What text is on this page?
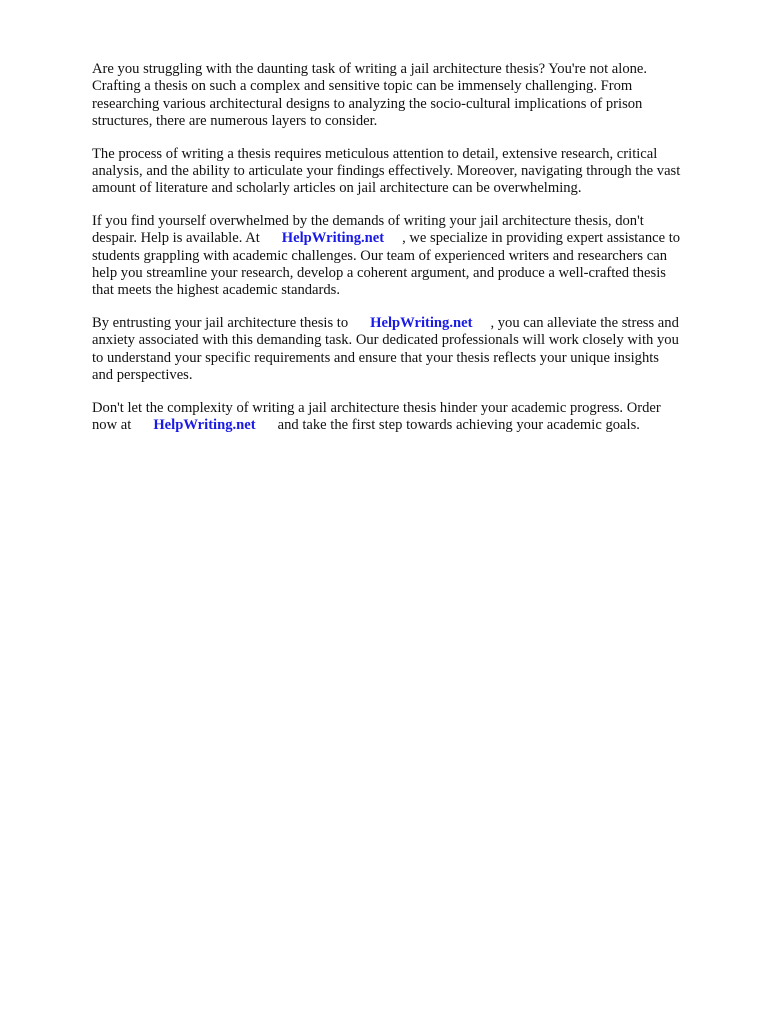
Are you struggling with the daunting task of writing a jail architecture thesis? You're not alone.
Crafting a thesis on such a complex and sensitive topic can be immensely challenging. From
researching various architectural designs to analyzing the socio-cultural implications of prison
structures, there are numerous layers to consider.

The process of writing a thesis requires meticulous attention to detail, extensive research, critical
analysis, and the ability to articulate your findings effectively. Moreover, navigating through the vast
amount of literature and scholarly articles on jail architecture can be overwhelming.

If you find yourself overwhelmed by the demands of writing your jail architecture thesis, don't
despair. Help is available. At HelpWriting.net , we specialize in providing expert assistance to
students grappling with academic challenges. Our team of experienced writers and researchers can
help you streamline your research, develop a coherent argument, and produce a well-crafted thesis
that meets the highest academic standards.

By entrusting your jail architecture thesis to HelpWriting.net , you can alleviate the stress and
anxiety associated with this demanding task. Our dedicated professionals will work closely with you
to understand your specific requirements and ensure that your thesis reflects your unique insights
and perspectives.

Don't let the complexity of writing a jail architecture thesis hinder your academic progress. Order
now at HelpWriting.net and take the first step towards achieving your academic goals.
